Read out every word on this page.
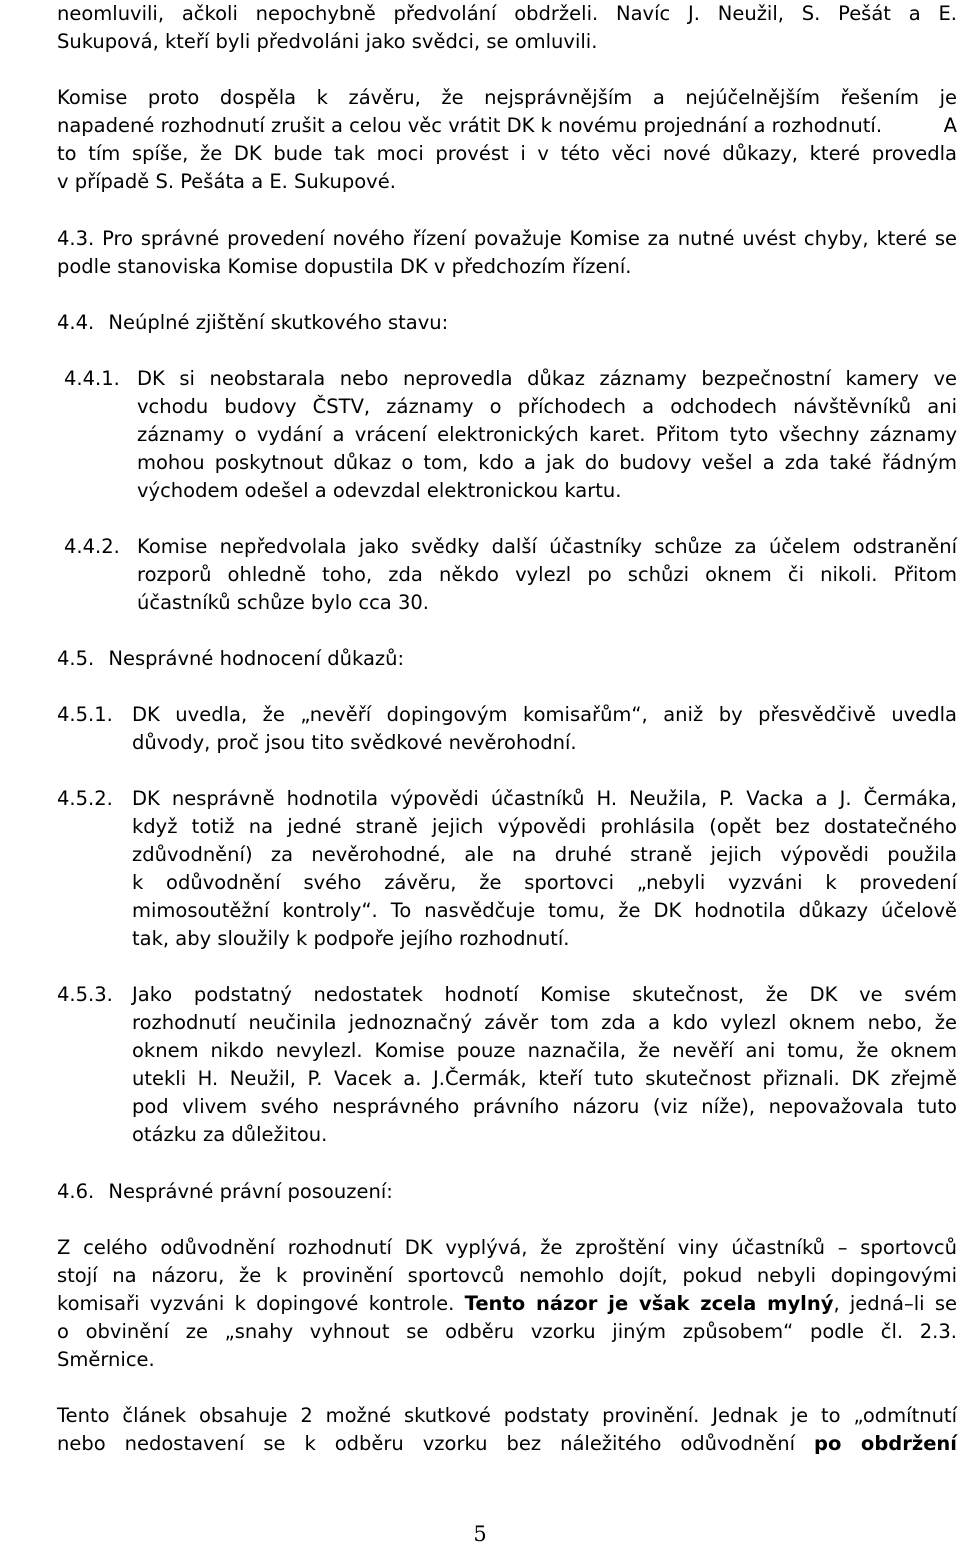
neomluvili, ačkoli nepochybně předvolání obdrželi. Navíc J. Neužil, S. Pešát a E.
Sukupová, kteří byli předvoláni jako svědci, se omluvili.
Komise proto dospěla k závěru, že nejsprávnějším a nejúčelnějším řešením je
napadené rozhodnutí zrušit a celou věc vrátit DK k novému projednání a rozhodnutí.	A
to tím spíše, že DK bude tak moci provést i v této věci nové důkazy, které provedla
v případě S. Pešáta a E. Sukupové.
4.3. Pro správné provedení nového řízení považuje Komise za nutné uvést chyby, které se
podle stanoviska Komise dopustila DK v předchozím řízení.
4.4. Neúplné zjištění skutkového stavu:
4.4.1. DK si neobstarala nebo neprovedla důkaz záznamy bezpečnostní kamery ve
vchodu budovy ČSTV, záznamy o příchodech a odchodech návštěvníků ani
záznamy o vydání a vrácení elektronických karet. Přitom tyto všechny záznamy
mohou poskytnout důkaz o tom, kdo a jak do budovy vešel a zda také řádným
východem odešel a odevzdal elektronickou kartu.
4.4.2. Komise nepředvolala jako svědky další účastníky schůze za účelem odstranění
rozporů ohledně toho, zda někdo vylezl po schůzi oknem či nikoli. Přitom
účastníků schůze bylo cca 30.
4.5. Nesprávné hodnocení důkazů:
4.5.1. DK uvedla, že „nevěří dopingovým komisařům“, aniž by přesvědčivě uvedla
důvody, proč jsou tito svědkové nevěrohodní.
4.5.2. DK nesprávně hodnotila výpovědi účastníků H. Neužila, P. Vacka a J. Čermáka,
když totiž na jedné straně jejich výpovědi prohlásila (opět bez dostatečného
zdůvodnění) za nevěrohodné, ale na druhé straně jejich výpovědi použila
k odůvodnění svého závěru, že sportovci „nebyli vyzváni k provedení
mimosoutěžní kontroly“. To nasvědčuje tomu, že DK hodnotila důkazy účelově
tak, aby sloužily k podpoře jejího rozhodnutí.
4.5.3. Jako podstatný nedostatek hodnotí Komise skutečnost, že DK ve svém
rozhodnutí neučinila jednoznačný závěr tom zda a kdo vylezl oknem nebo, že
oknem nikdo nevylezl. Komise pouze naznačila, že nevěří ani tomu, že oknem
utekli H. Neužil, P. Vacek a. J.Čermák, kteří tuto skutečnost přiznali. DK zřejmě
pod vlivem svého nesprávného právního názoru (viz níže), nepovažovala tuto
otázku za důležitou.
4.6. Nesprávné právní posouzení:
Z celého odůvodnění rozhodnutí DK vyplývá, že zproštění viny účastníků – sportovců
stojí na názoru, že k provinění sportovců nemohlo dojít, pokud nebyli dopingovými
komisaři vyzváni k dopingové kontrole. Tento názor je však zcela mylný, jedná–li se
o obvinění ze „snahy vyhnout se odběru vzorku jiným způsobem“ podle čl. 2.3.
Směrnice.
Tento článek obsahuje 2 možné skutkové podstaty provinění. Jednak je to „odmítnutí
nebo nedostavení se k odběru vzorku bez náležitého odůvodnění po obdržení
5
